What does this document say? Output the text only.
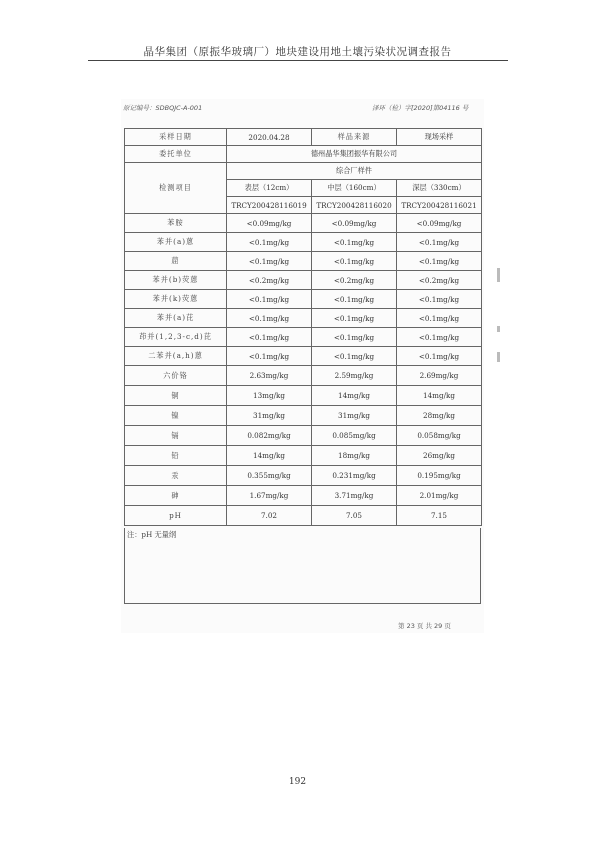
晶华集团（原振华玻璃厂）地块建设用地土壤污染状况调查报告
原记编号：SDBQJC-A-001	泽环（检）字[2020]第04116 号
采样日期	2020.04.28	样品来源	现场采样
委托单位	德州晶华集团振华有限公司		
检测项目	综合厂样件		
	表层（12cm）	中层（160cm）	深层（330cm）
	TRCY200428116019	TRCY200428116020	TRCY200428116021
苯胺	<0.09mg/kg	<0.09mg/kg	<0.09mg/kg
苯并(a)蒽	<0.1mg/kg	<0.1mg/kg	<0.1mg/kg
䓛	<0.1mg/kg	<0.1mg/kg	<0.1mg/kg
苯并(b)荧蒽	<0.2mg/kg	<0.2mg/kg	<0.2mg/kg
苯并(k)荧蒽	<0.1mg/kg	<0.1mg/kg	<0.1mg/kg
苯并(a)芘	<0.1mg/kg	<0.1mg/kg	<0.1mg/kg
茚并(1,2,3-c,d)芘	<0.1mg/kg	<0.1mg/kg	<0.1mg/kg
二苯并(a,h)蒽	<0.1mg/kg	<0.1mg/kg	<0.1mg/kg
六价铬	2.63mg/kg	2.59mg/kg	2.69mg/kg
铜	13mg/kg	14mg/kg	14mg/kg
镍	31mg/kg	31mg/kg	28mg/kg
镉	0.082mg/kg	0.085mg/kg	0.058mg/kg
铅	14mg/kg	18mg/kg	26mg/kg
汞	0.355mg/kg	0.231mg/kg	0.195mg/kg
砷	1.67mg/kg	3.71mg/kg	2.01mg/kg
pH	7.02	7.05	7.15
注：pH 无量纲
第 23 页 共 29 页
192
